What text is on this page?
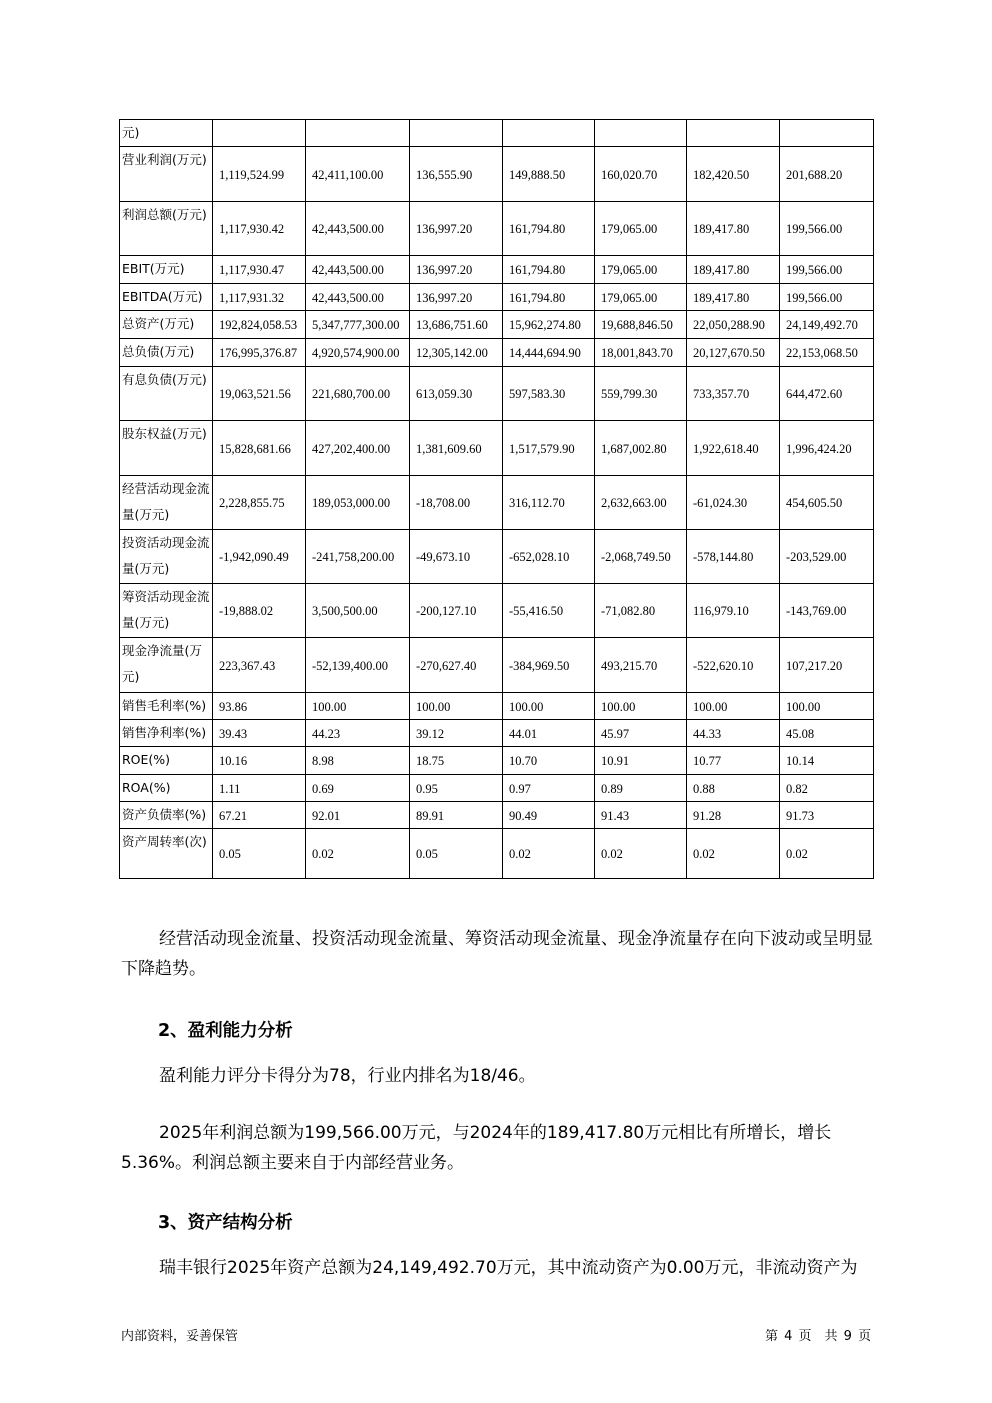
元)							
营业利润(万元)	1,119,524.99	42,411,100.00	136,555.90	149,888.50	160,020.70	182,420.50	201,688.20
利润总额(万元)	1,117,930.42	42,443,500.00	136,997.20	161,794.80	179,065.00	189,417.80	199,566.00
EBIT(万元)	1,117,930.47	42,443,500.00	136,997.20	161,794.80	179,065.00	189,417.80	199,566.00
EBITDA(万元)	1,117,931.32	42,443,500.00	136,997.20	161,794.80	179,065.00	189,417.80	199,566.00
总资产(万元)	192,824,058.53	5,347,777,300.00	13,686,751.60	15,962,274.80	19,688,846.50	22,050,288.90	24,149,492.70
总负债(万元)	176,995,376.87	4,920,574,900.00	12,305,142.00	14,444,694.90	18,001,843.70	20,127,670.50	22,153,068.50
有息负债(万元)	19,063,521.56	221,680,700.00	613,059.30	597,583.30	559,799.30	733,357.70	644,472.60
股东权益(万元)	15,828,681.66	427,202,400.00	1,381,609.60	1,517,579.90	1,687,002.80	1,922,618.40	1,996,424.20
经营活动现金流量(万元)	2,228,855.75	189,053,000.00	-18,708.00	316,112.70	2,632,663.00	-61,024.30	454,605.50
投资活动现金流量(万元)	-1,942,090.49	-241,758,200.00	-49,673.10	-652,028.10	-2,068,749.50	-578,144.80	-203,529.00
筹资活动现金流量(万元)	-19,888.02	3,500,500.00	-200,127.10	-55,416.50	-71,082.80	116,979.10	-143,769.00
现金净流量(万元)	223,367.43	-52,139,400.00	-270,627.40	-384,969.50	493,215.70	-522,620.10	107,217.20
销售毛利率(%)	93.86	100.00	100.00	100.00	100.00	100.00	100.00
销售净利率(%)	39.43	44.23	39.12	44.01	45.97	44.33	45.08
ROE(%)	10.16	8.98	18.75	10.70	10.91	10.77	10.14
ROA(%)	1.11	0.69	0.95	0.97	0.89	0.88	0.82
资产负债率(%)	67.21	92.01	89.91	90.49	91.43	91.28	91.73
资产周转率(次)	0.05	0.02	0.05	0.02	0.02	0.02	0.02
经营活动现金流量、投资活动现金流量、筹资活动现金流量、现金净流量存在向下波动或呈明显下降趋势。
2、盈利能力分析
盈利能力评分卡得分为78，行业内排名为18/46。
2025年利润总额为199,566.00万元，与2024年的189,417.80万元相比有所增长，增长5.36%。利润总额主要来自于内部经营业务。
3、资产结构分析
瑞丰银行2025年资产总额为24,149,492.70万元，其中流动资产为0.00万元，非流动资产为
内部资料，妥善保管	第 4 页　共 9 页
